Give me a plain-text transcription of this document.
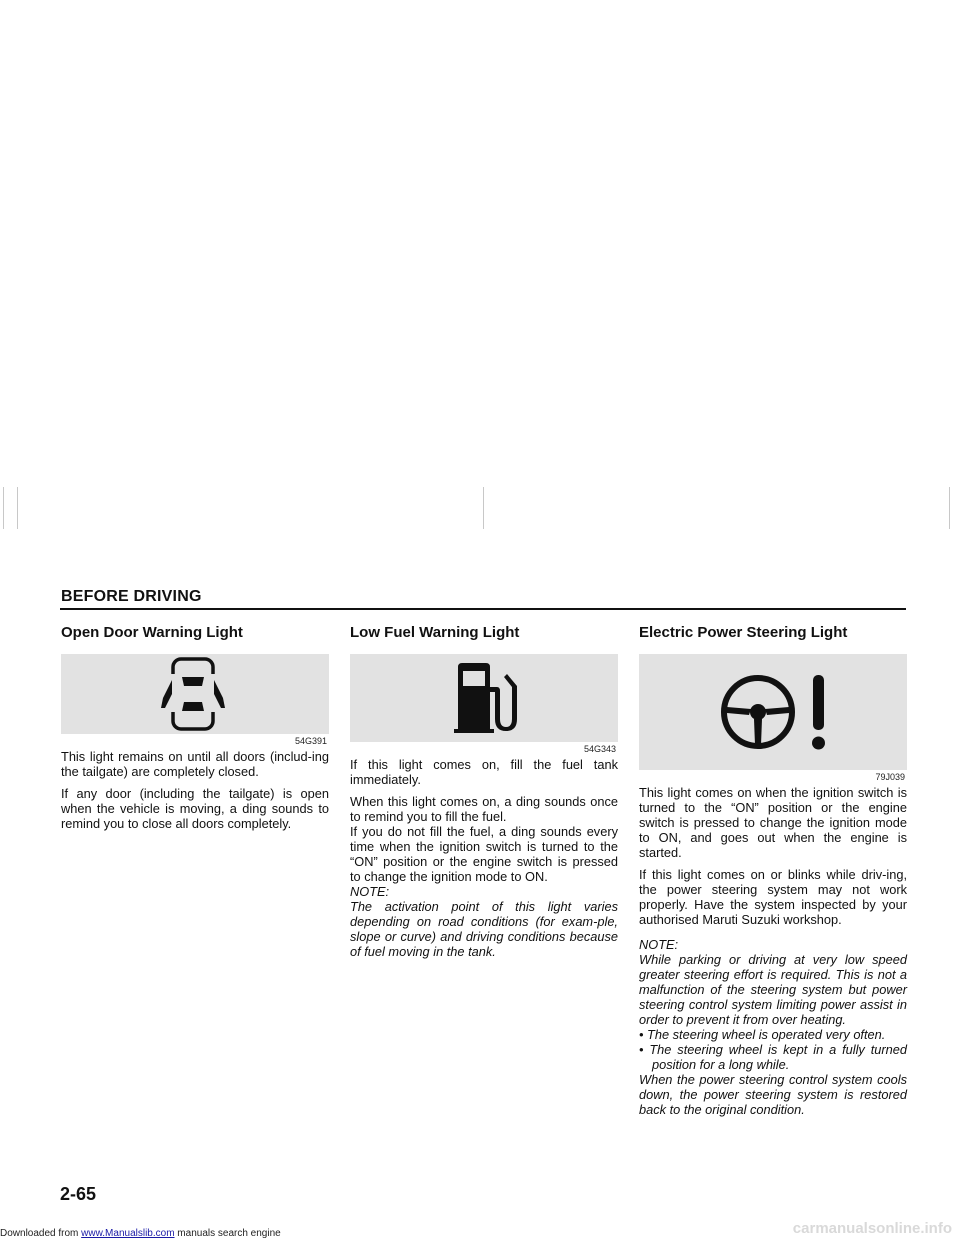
BEFORE DRIVING
Open Door Warning Light
54G391

This light remains on until all doors (includ-ing the tailgate) are completely closed.

If any door (including the tailgate) is open when the vehicle is moving, a ding sounds to remind you to close all doors completely.

Low Fuel Warning Light
54G343

If this light comes on, fill the fuel tank immediately.

When this light comes on, a ding sounds once to remind you to fill the fuel.

If you do not fill the fuel, a ding sounds every time when the ignition switch is turned to the “ON” position or the engine switch is pressed to change the ignition mode to ON.

NOTE:
The activation point of this light varies depending on road conditions (for exam-ple, slope or curve) and driving conditions because of fuel moving in the tank.
Electric Power Steering Light
79J039

This light comes on when the ignition switch is turned to the “ON” position or the engine switch is pressed to change the ignition mode to ON, and goes out when the engine is started.

If this light comes on or blinks while driv-ing, the power steering system may not work properly. Have the system inspected by your authorised Maruti Suzuki workshop.

NOTE:
While parking or driving at very low speed greater steering effort is required. This is not a malfunction of the steering system but power steering control system limiting power assist in order to prevent it from over heating.
• The steering wheel is operated very often.
• The steering wheel is kept in a fully turned position for a long while.
When the power steering control system cools down, the power steering system is restored back to the original condition.
2-65
Downloaded from www.Manualslib.com manuals search engine	carmanualsonline.info
